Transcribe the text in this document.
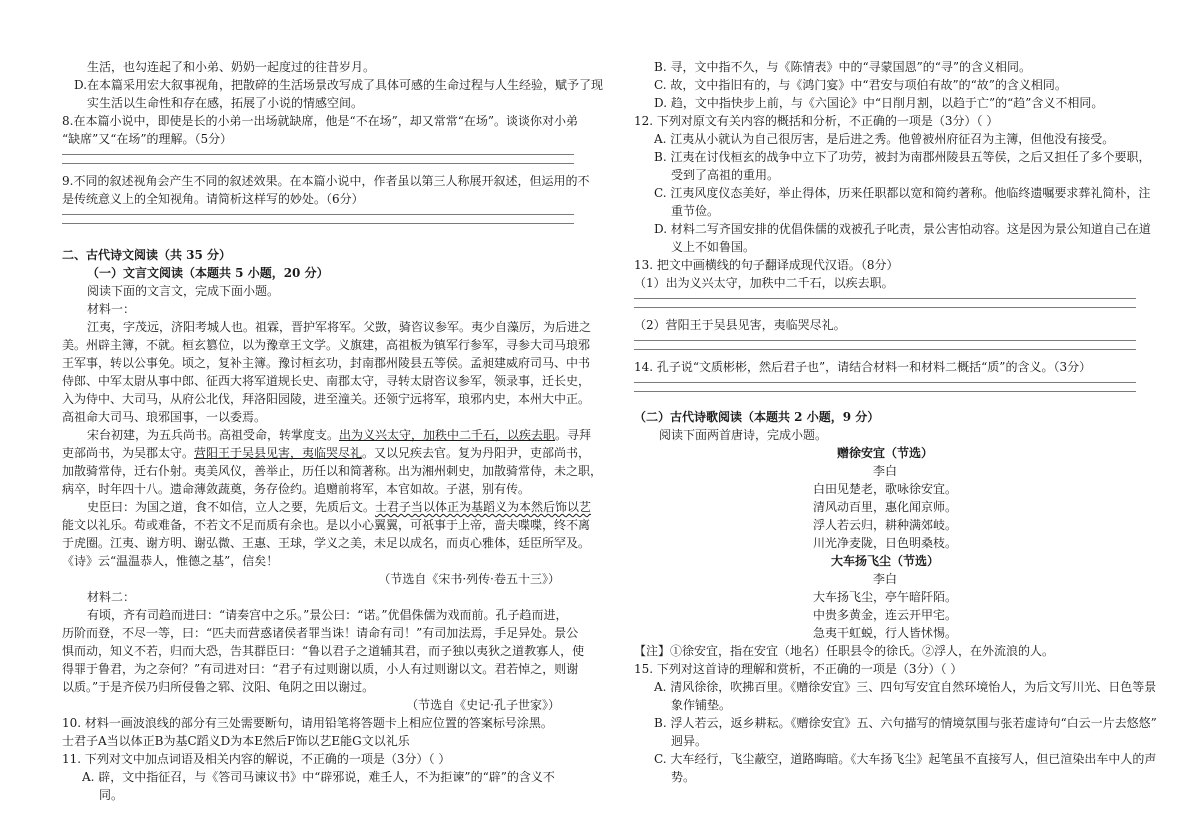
生活，也勾连起了和小弟、奶奶一起度过的往昔岁月。
D.在本篇采用宏大叙事视角，把散碎的生活场景改写成了具体可感的生命过程与人生经验，赋予了现
实生活以生命性和存在感，拓展了小说的情感空间。
8.在本篇小说中，即使是长的小弟一出场就缺席，他是“不在场”，却又常常“在场”。谈谈你对小弟
“缺席”又“在场”的理解。（5分）
9.不同的叙述视角会产生不同的叙述效果。在本篇小说中，作者虽以第三人称展开叙述，但运用的不
是传统意义上的全知视角。请简析这样写的妙处。（6分）
二、古代诗文阅读（共 35 分）
（一）文言文阅读（本题共 5 小题，20 分）
阅读下面的文言文，完成下面小题。
材料一：
江夷，字茂远，济阳考城人也。祖霖，晋护军将军。父敳，骑咨议参军。夷少自藻厉，为后进之
美。州辟主簿，不就。桓玄篡位，以为豫章王文学。义旗建，高祖板为镇军行参军，寻参大司马琅邪
王军事，转以公事免。顷之，复补主簿。豫讨桓玄功，封南郡州陵县五等侯。孟昶建威府司马、中书
侍郎、中军太尉从事中郎、征西大将军道规长史、南郡太守，寻转太尉咨议参军，领录事，迁长史，
入为侍中、大司马，从府公北伐，拜洛阳园陵，进至潼关。还领宁远将军，琅邪内史，本州大中正。
高祖命大司马、琅邪国事，一以委焉。
宋台初建，为五兵尚书。高祖受命，转掌度支。出为义兴太守，加秩中二千石，以疾去职。寻拜
吏部尚书，为吴郡太守。营阳王于吴县见害，夷临哭尽礼。又以兄疾去官。复为丹阳尹，吏部尚书，
加散骑常侍，迁右仆射。夷美风仪，善举止，历任以和简著称。出为湘州刺史，加散骑常侍，未之职，
病卒，时年四十八。遗命薄敛蔬奠，务存俭约。追赠前将军，本官如故。子湛，别有传。
史臣曰：为国之道，食不如信，立人之要，先质后文。士君子当以体正为基蹈义为本然后饰以艺
能文以礼乐。苟或难备，不若文不足而质有余也。是以小心翼翼，可祇事于上帝，啬夫喋喋，终不离
于虎圈。江夷、谢方明、谢弘微、王惠、王球，学义之美，未足以成名，而贞心雅体，廷臣所罕及。
《诗》云“温温恭人，惟德之基”，信矣！
（节选自《宋书·列传·卷五十三》）
材料二：
有顷，齐有司趋而进曰：“请奏宫中之乐。”景公曰：“诺。”优倡侏儒为戏而前。孔子趋而进，
历阶而登，不尽一等，曰：“匹夫而营惑诸侯者罪当诛！请命有司！”有司加法焉，手足异处。景公
惧而动，知义不若，归而大恐，告其群臣曰：“鲁以君子之道辅其君，而子独以夷狄之道教寡人，使
得罪于鲁君，为之奈何？”有司进对曰：“君子有过则谢以质，小人有过则谢以文。君若悼之，则谢
以质。”于是齐侯乃归所侵鲁之郓、汶阳、龟阴之田以谢过。
（节选自《史记·孔子世家》）
10. 材料一画波浪线的部分有三处需要断句，请用铅笔将答题卡上相应位置的答案标号涂黑。
士君子A当以体正B为基C蹈义D为本E然后F饰以艺E能G文以礼乐
11. 下列对文中加点词语及相关内容的解说，不正确的一项是（3分）（ ）
A. 辟，文中指征召，与《答司马谏议书》中“辟邪说，难壬人，不为拒谏”的“辟”的含义不
同。
B. 寻，文中指不久，与《陈情表》中的“寻蒙国恩”的“寻”的含义相同。
C. 故，文中指旧有的，与《鸿门宴》中“君安与项伯有故”的“故”的含义相同。
D. 趋，文中指快步上前，与《六国论》中“日削月割，以趋于亡”的“趋”含义不相同。
12. 下列对原文有关内容的概括和分析，不正确的一项是（3分）（ ）
A. 江夷从小就认为自己很厉害，是后进之秀。他曾被州府征召为主簿，但他没有接受。
B. 江夷在讨伐桓玄的战争中立下了功劳，被封为南郡州陵县五等侯，之后又担任了多个要职，
受到了高祖的重用。
C. 江夷风度仪态美好，举止得体，历来任职都以宽和简约著称。他临终遗嘱要求葬礼简朴，注
重节俭。
D. 材料二写齐国安排的优倡侏儒的戏被孔子叱责，景公害怕动容。这是因为景公知道自己在道
义上不如鲁国。
13. 把文中画横线的句子翻译成现代汉语。（8分）
（1）出为义兴太守，加秩中二千石，以疾去职。
（2）营阳王于吴县见害，夷临哭尽礼。
14. 孔子说“文质彬彬，然后君子也”，请结合材料一和材料二概括“质”的含义。（3分）
（二）古代诗歌阅读（本题共 2 小题，9 分）
阅读下面两首唐诗，完成小题。
赠徐安宜（节选）
李白
白田见楚老，歌咏徐安宜。
清风动百里，惠化闻京师。
浮人若云归，耕种满郊岐。
川光净麦陇，日色明桑枝。
大车扬飞尘（节选）
李白
大车扬飞尘，亭午暗阡陌。
中贵多黄金，连云开甲宅。
急夷干虹蜕，行人皆怵惕。
【注】①徐安宜，指在安宜（地名）任职县令的徐氏。②浮人，在外流浪的人。
15. 下列对这首诗的理解和赏析，不正确的一项是（3分）（ ）
A. 清风徐徐，吹拂百里。《赠徐安宜》三、四句写安宜自然环境怡人，为后文写川光、日色等景
象作铺垫。
B. 浮人若云，返乡耕耘。《赠徐安宜》五、六句描写的情境氛围与张若虚诗句“白云一片去悠悠”
迥异。
C. 大车经行，飞尘蔽空，道路晦暗。《大车扬飞尘》起笔虽不直接写人，但已渲染出车中人的声
势。
